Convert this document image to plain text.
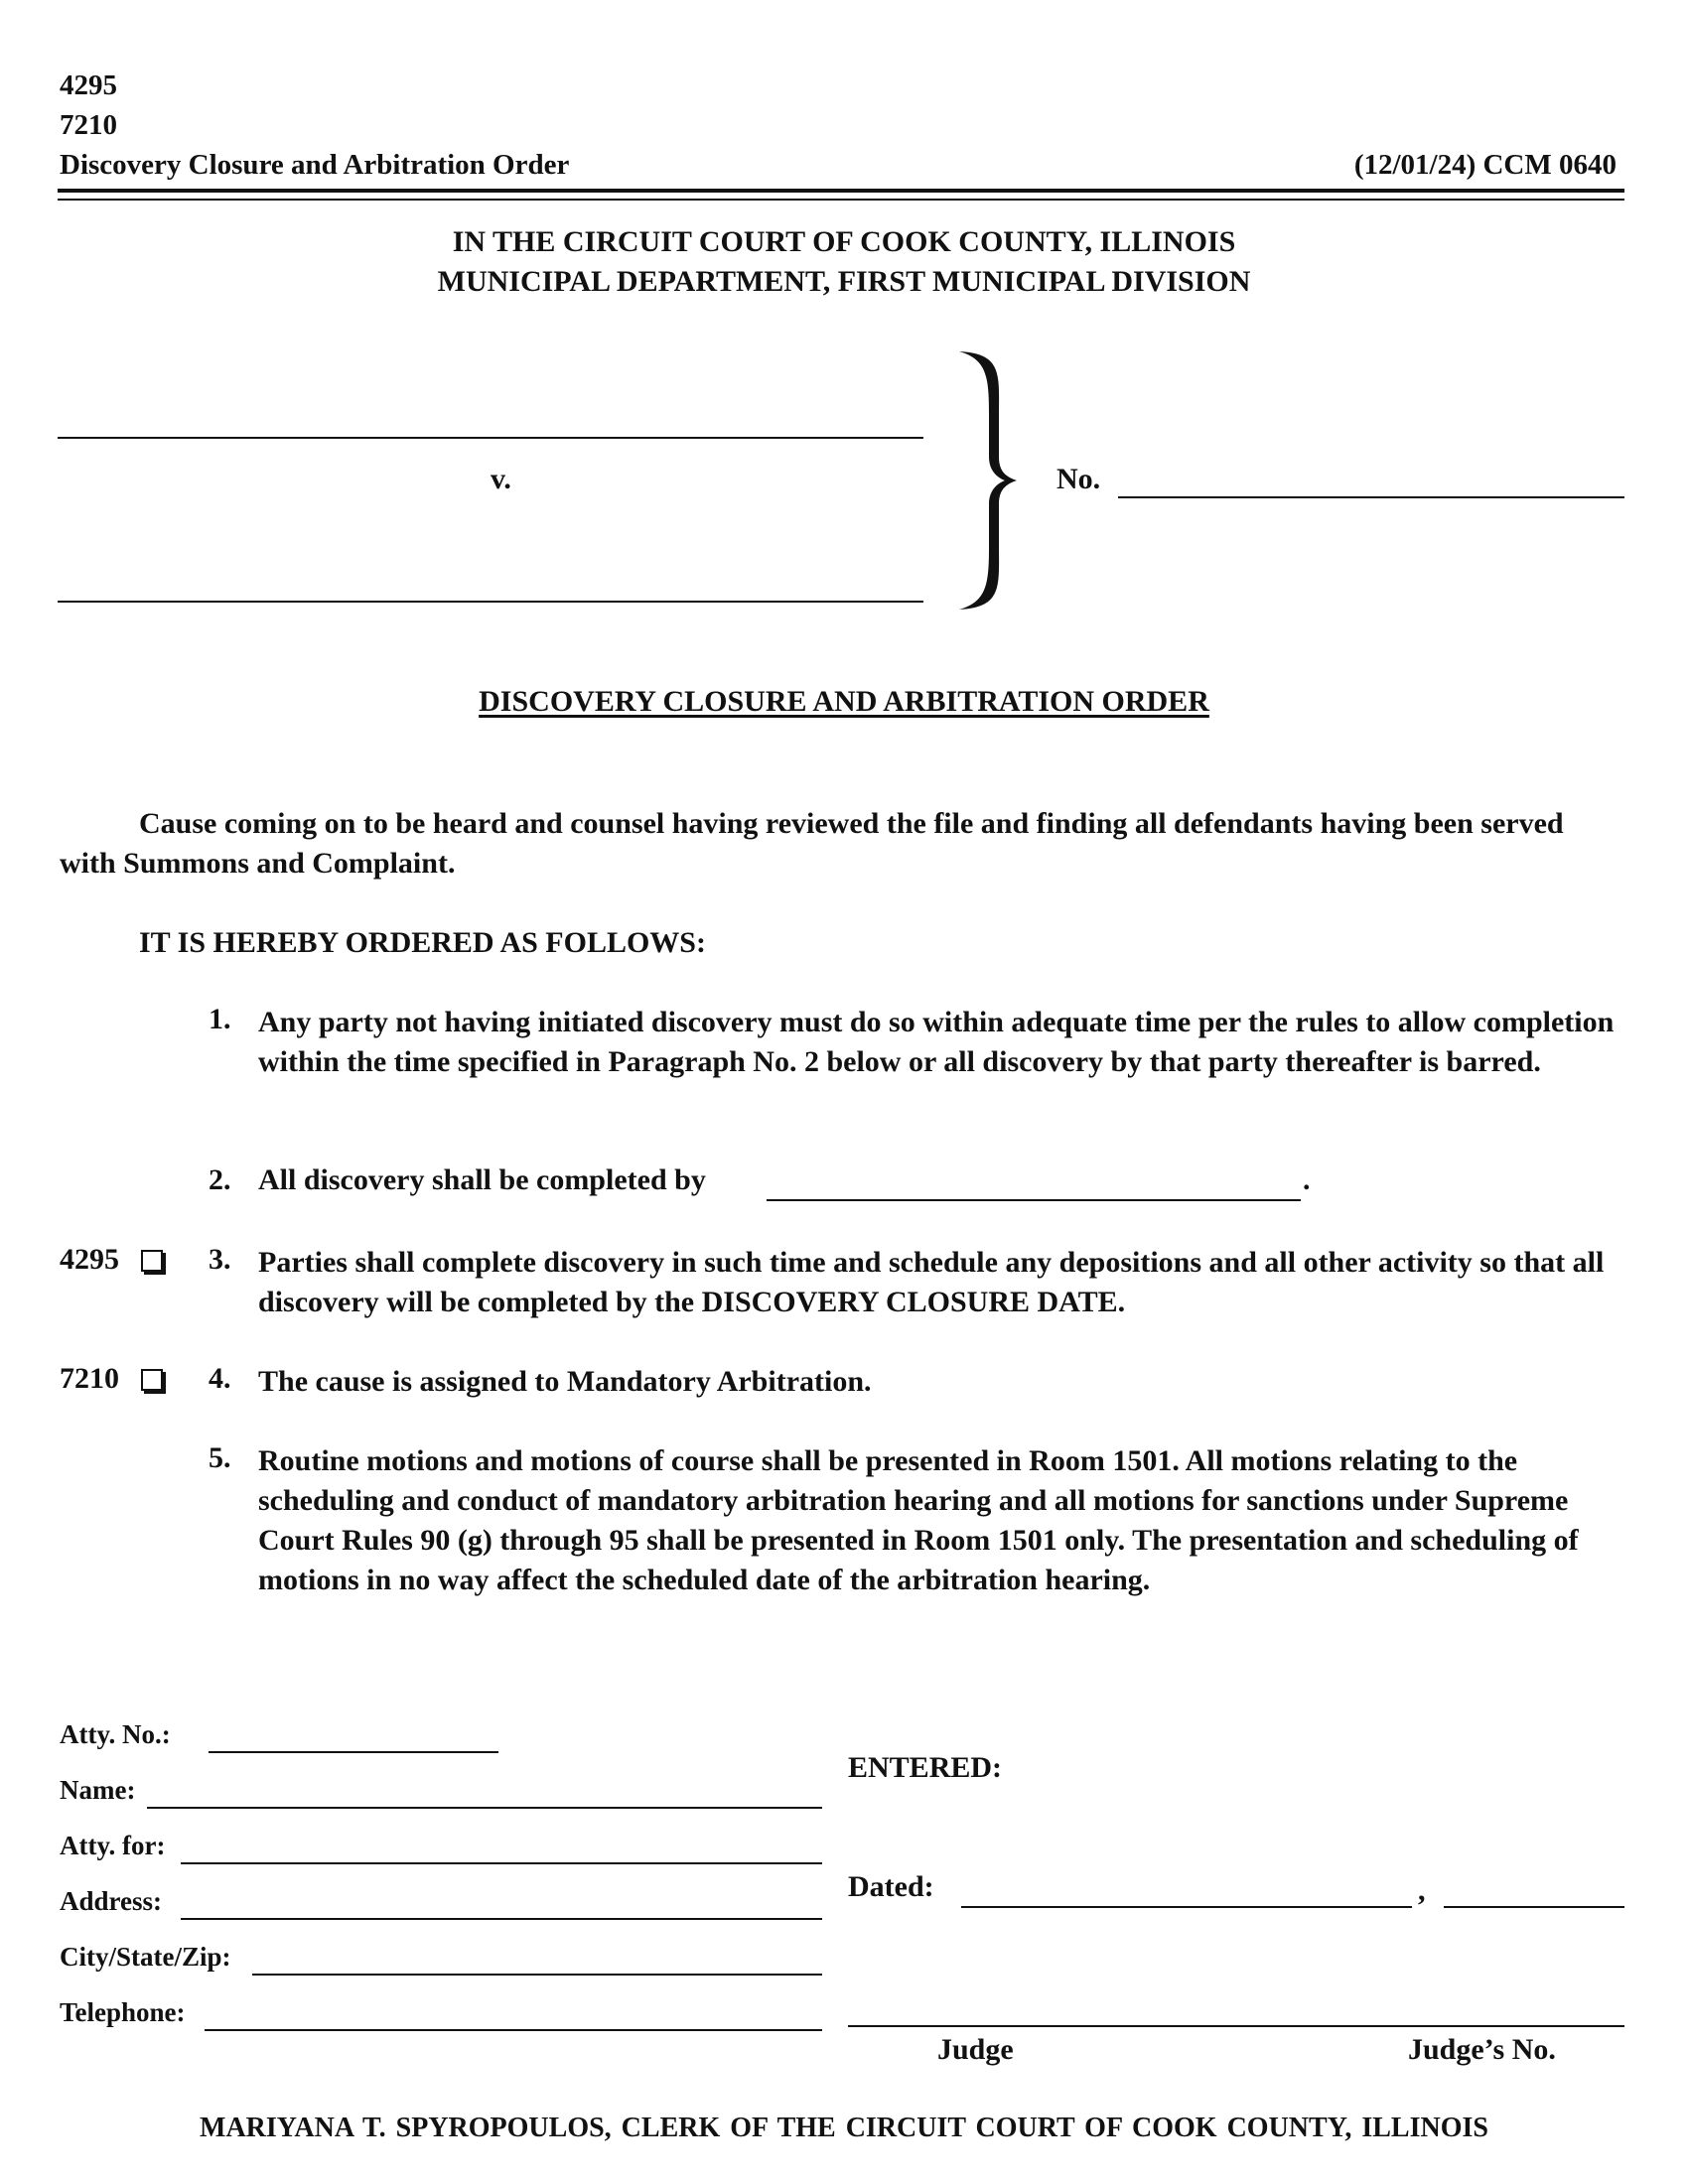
4295
7210
Discovery Closure and Arbitration Order	(12/01/24) CCM 0640
IN THE CIRCUIT COURT OF COOK COUNTY, ILLINOIS
MUNICIPAL DEPARTMENT, FIRST MUNICIPAL DIVISION
v.	No.
DISCOVERY CLOSURE AND ARBITRATION ORDER
Cause coming on to be heard and counsel having reviewed the file and finding all defendants having been served with Summons and Complaint.
IT IS HEREBY ORDERED AS FOLLOWS:
1. Any party not having initiated discovery must do so within adequate time per the rules to allow completion within the time specified in Paragraph No. 2 below or all discovery by that party thereafter is barred.
2. All discovery shall be completed by	.
4295	3. Parties shall complete discovery in such time and schedule any depositions and all other activity so that all discovery will be completed by the DISCOVERY CLOSURE DATE.
7210	4. The cause is assigned to Mandatory Arbitration.
5. Routine motions and motions of course shall be presented in Room 1501. All motions relating to the scheduling and conduct of mandatory arbitration hearing and all motions for sanctions under Supreme Court Rules 90 (g) through 95 shall be presented in Room 1501 only. The presentation and scheduling of motions in no way affect the scheduled date of the arbitration hearing.
Atty. No.:
Name:
Atty. for:
Address:
City/State/Zip:
Telephone:
ENTERED:
Dated:	,
Judge	Judge’s No.
MARIYANA T. SPYROPOULOS, CLERK OF THE CIRCUIT COURT OF COOK COUNTY, ILLINOIS
